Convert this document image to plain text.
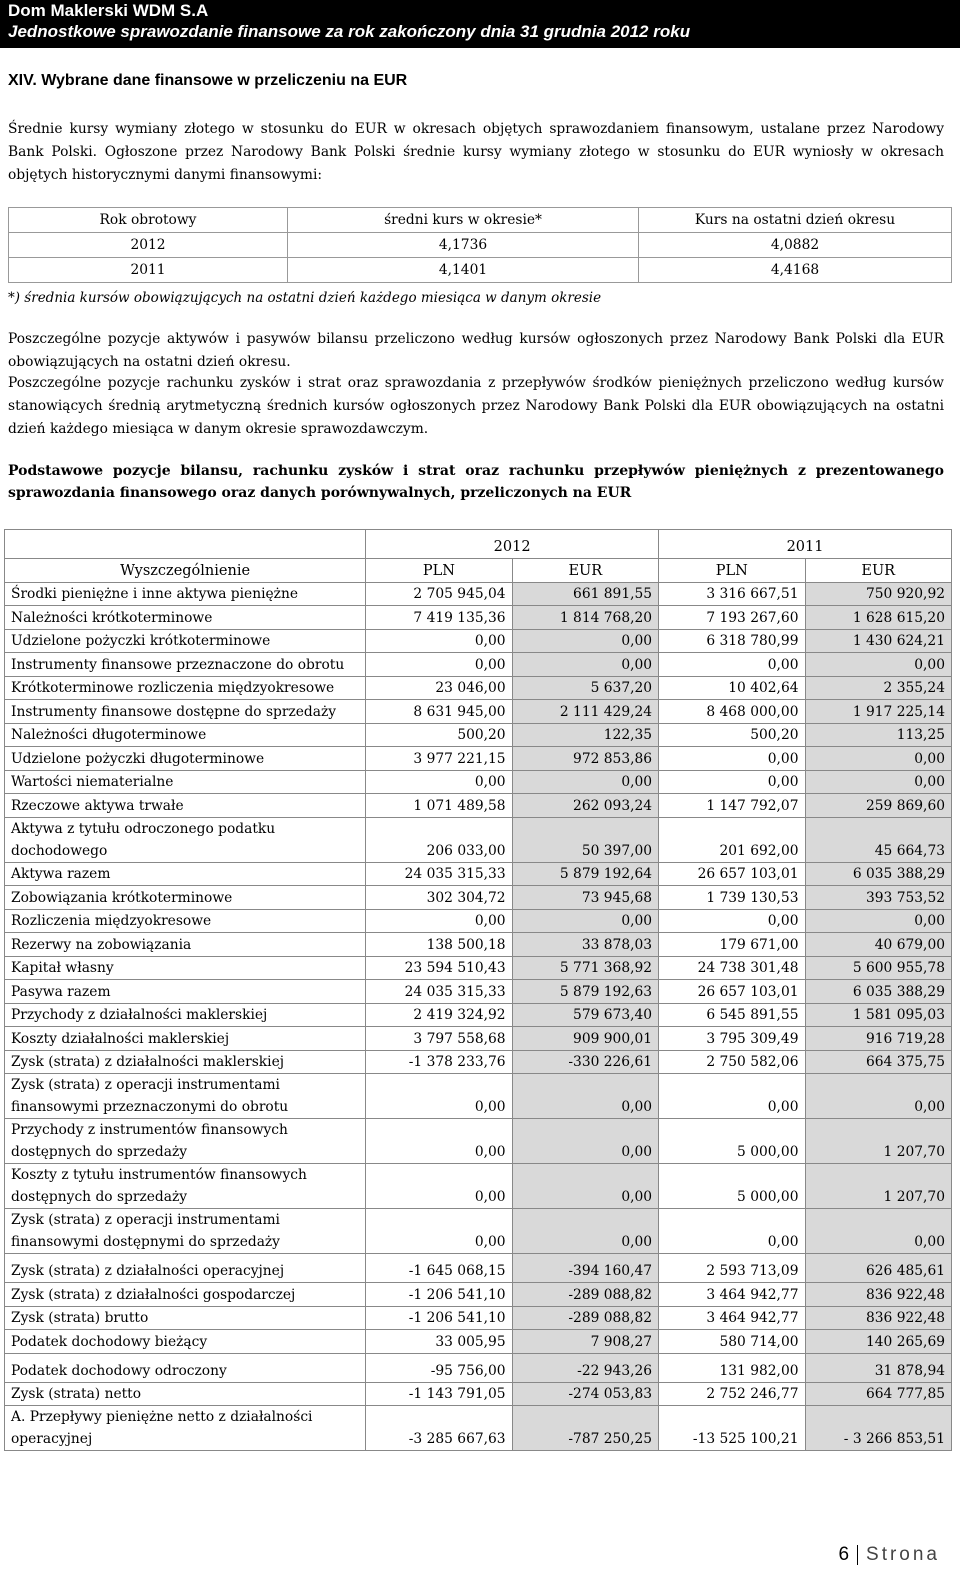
Dom Maklerski WDM S.A
Jednostkowe sprawozdanie finansowe za rok zakończony dnia 31 grudnia 2012 roku
XIV. Wybrane dane finansowe w przeliczeniu na EUR
Średnie kursy wymiany złotego w stosunku do EUR w okresach objętych sprawozdaniem finansowym, ustalane przez Narodowy Bank Polski. Ogłoszone przez Narodowy Bank Polski średnie kursy wymiany złotego w stosunku do EUR wyniosły w okresach objętych historycznymi danymi finansowymi:
Rok obrotowy	średni kurs w okresie*	Kurs na ostatni dzień okresu
2012	4,1736	4,0882
2011	4,1401	4,4168
*) średnia kursów obowiązujących na ostatni dzień każdego miesiąca w danym okresie
Poszczególne pozycje aktywów i pasywów bilansu przeliczono według kursów ogłoszonych przez Narodowy Bank Polski dla EUR obowiązujących na ostatni dzień okresu.
Poszczególne pozycje rachunku zysków i strat oraz sprawozdania z przepływów środków pieniężnych przeliczono według kursów stanowiących średnią arytmetyczną średnich kursów ogłoszonych przez Narodowy Bank Polski dla EUR obowiązujących na ostatni dzień każdego miesiąca w danym okresie sprawozdawczym.
Podstawowe pozycje bilansu, rachunku zysków i strat oraz rachunku przepływów pieniężnych z prezentowanego sprawozdania finansowego oraz danych porównywalnych, przeliczonych na EUR
	2012		2011	
Wyszczególnienie	PLN	EUR	PLN	EUR
Środki pieniężne i inne aktywa pieniężne	2 705 945,04	661 891,55	3 316 667,51	750 920,92
Należności krótkoterminowe	7 419 135,36	1 814 768,20	7 193 267,60	1 628 615,20
Udzielone pożyczki krótkoterminowe	0,00	0,00	6 318 780,99	1 430 624,21
Instrumenty finansowe przeznaczone do obrotu	0,00	0,00	0,00	0,00
Krótkoterminowe rozliczenia międzyokresowe	23 046,00	5 637,20	10 402,64	2 355,24
Instrumenty finansowe dostępne do sprzedaży	8 631 945,00	2 111 429,24	8 468 000,00	1 917 225,14
Należności długoterminowe	500,20	122,35	500,20	113,25
Udzielone pożyczki długoterminowe	3 977 221,15	972 853,86	0,00	0,00
Wartości niematerialne	0,00	0,00	0,00	0,00
Rzeczowe aktywa trwałe	1 071 489,58	262 093,24	1 147 792,07	259 869,60
Aktywa z tytułu odroczonego podatku dochodowego	206 033,00	50 397,00	201 692,00	45 664,73
Aktywa razem	24 035 315,33	5 879 192,64	26 657 103,01	6 035 388,29
Zobowiązania krótkoterminowe	302 304,72	73 945,68	1 739 130,53	393 753,52
Rozliczenia międzyokresowe	0,00	0,00	0,00	0,00
Rezerwy na zobowiązania	138 500,18	33 878,03	179 671,00	40 679,00
Kapitał własny	23 594 510,43	5 771 368,92	24 738 301,48	5 600 955,78
Pasywa razem	24 035 315,33	5 879 192,63	26 657 103,01	6 035 388,29
Przychody z działalności maklerskiej	2 419 324,92	579 673,40	6 545 891,55	1 581 095,03
Koszty działalności maklerskiej	3 797 558,68	909 900,01	3 795 309,49	916 719,28
Zysk (strata) z działalności maklerskiej	-1 378 233,76	-330 226,61	2 750 582,06	664 375,75
Zysk (strata) z operacji instrumentami finansowymi przeznaczonymi do obrotu	0,00	0,00	0,00	0,00
Przychody z instrumentów finansowych dostępnych do sprzedaży	0,00	0,00	5 000,00	1 207,70
Koszty z tytułu instrumentów finansowych dostępnych do sprzedaży	0,00	0,00	5 000,00	1 207,70
Zysk (strata) z operacji instrumentami finansowymi dostępnymi do sprzedaży	0,00	0,00	0,00	0,00
Zysk (strata) z działalności operacyjnej	-1 645 068,15	-394 160,47	2 593 713,09	626 485,61
Zysk (strata) z działalności gospodarczej	-1 206 541,10	-289 088,82	3 464 942,77	836 922,48
Zysk (strata) brutto	-1 206 541,10	-289 088,82	3 464 942,77	836 922,48
Podatek dochodowy bieżący	33 005,95	7 908,27	580 714,00	140 265,69
Podatek dochodowy odroczony	-95 756,00	-22 943,26	131 982,00	31 878,94
Zysk (strata) netto	-1 143 791,05	-274 053,83	2 752 246,77	664 777,85
A. Przepływy pieniężne netto z działalności operacyjnej	-3 285 667,63	-787 250,25	-13 525 100,21	- 3 266 853,51
6 Strona
